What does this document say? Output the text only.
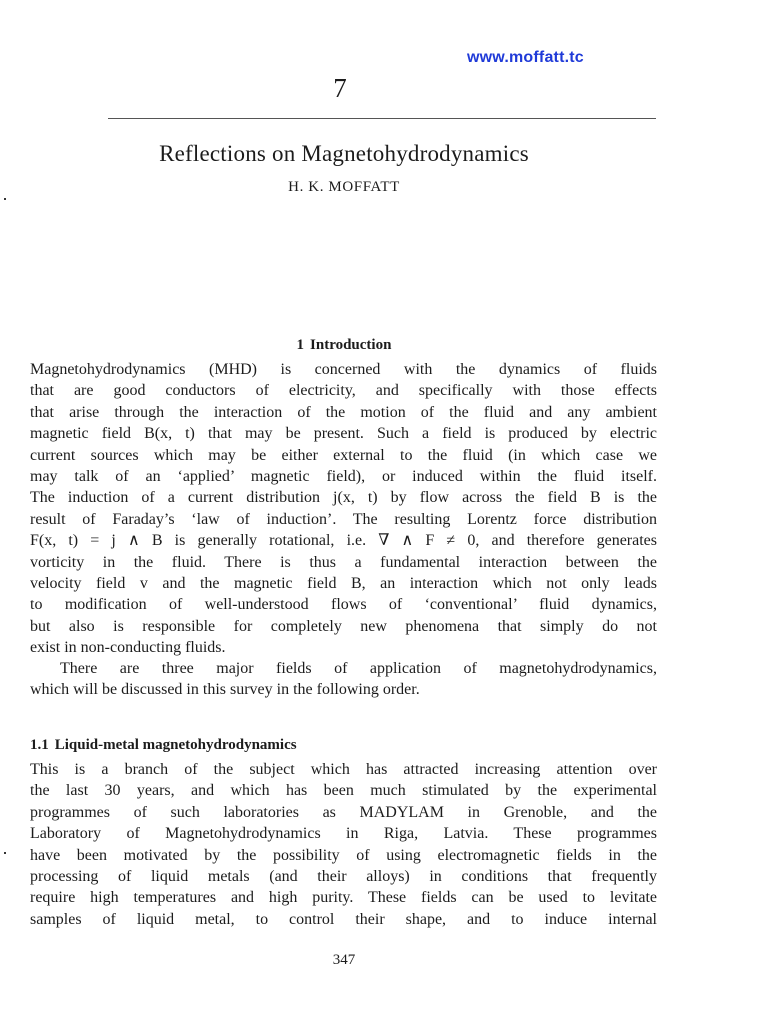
www.moffatt.tc
7
Reflections on Magnetohydrodynamics
H. K. MOFFATT
1 Introduction
Magnetohydrodynamics (MHD) is concerned with the dynamics of fluids
that are good conductors of electricity, and specifically with those effects
that arise through the interaction of the motion of the fluid and any ambient
magnetic field B(x, t) that may be present. Such a field is produced by electric
current sources which may be either external to the fluid (in which case we
may talk of an ‘applied’ magnetic field), or induced within the fluid itself.
The induction of a current distribution j(x, t) by flow across the field B is the
result of Faraday’s ‘law of induction’. The resulting Lorentz force distribution
F(x, t) = j ∧ B is generally rotational, i.e. ∇ ∧ F ≠ 0, and therefore generates
vorticity in the fluid. There is thus a fundamental interaction between the
velocity field v and the magnetic field B, an interaction which not only leads
to modification of well-understood flows of ‘conventional’ fluid dynamics,
but also is responsible for completely new phenomena that simply do not
exist in non-conducting fluids.
There are three major fields of application of magnetohydrodynamics,
which will be discussed in this survey in the following order.
1.1 Liquid-metal magnetohydrodynamics
This is a branch of the subject which has attracted increasing attention over
the last 30 years, and which has been much stimulated by the experimental
programmes of such laboratories as MADYLAM in Grenoble, and the
Laboratory of Magnetohydrodynamics in Riga, Latvia. These programmes
have been motivated by the possibility of using electromagnetic fields in the
processing of liquid metals (and their alloys) in conditions that frequently
require high temperatures and high purity. These fields can be used to levitate
samples of liquid metal, to control their shape, and to induce internal
347
